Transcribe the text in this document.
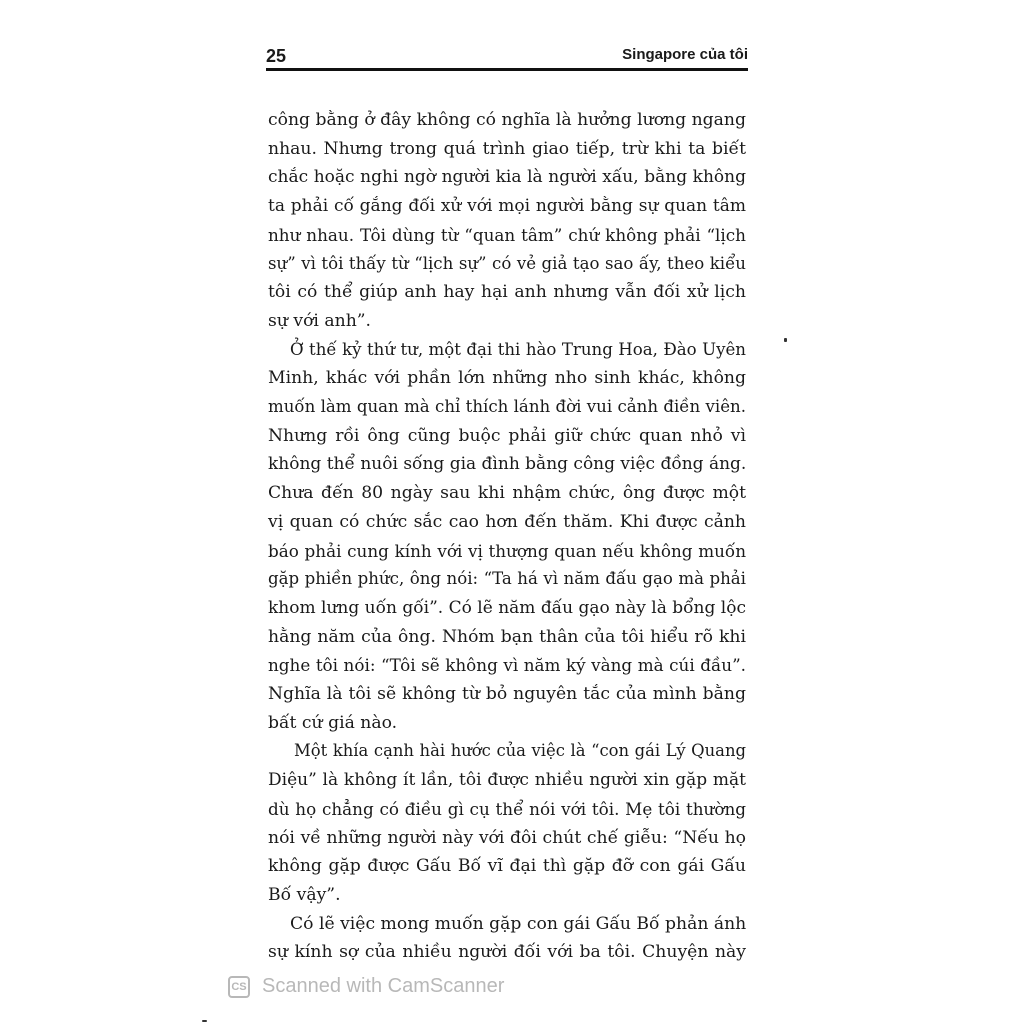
25	Singapore của tôi

công bằng ở đây không có nghĩa là hưởng lương ngang
nhau. Nhưng trong quá trình giao tiếp, trừ khi ta biết
chắc hoặc nghi ngờ người kia là người xấu, bằng không
ta phải cố gắng đối xử với mọi người bằng sự quan tâm
như nhau. Tôi dùng từ “quan tâm” chứ không phải “lịch
sự” vì tôi thấy từ “lịch sự” có vẻ giả tạo sao ấy, theo kiểu
tôi có thể giúp anh hay hại anh nhưng vẫn đối xử lịch
sự với anh”.

Ở thế kỷ thứ tư, một đại thi hào Trung Hoa, Đào Uyên
Minh, khác với phần lớn những nho sinh khác, không
muốn làm quan mà chỉ thích lánh đời vui cảnh điền viên.
Nhưng rồi ông cũng buộc phải giữ chức quan nhỏ vì
không thể nuôi sống gia đình bằng công việc đồng áng.
Chưa đến 80 ngày sau khi nhậm chức, ông được một
vị quan có chức sắc cao hơn đến thăm. Khi được cảnh
báo phải cung kính với vị thượng quan nếu không muốn
gặp phiền phức, ông nói: “Ta há vì năm đấu gạo mà phải
khom lưng uốn gối”. Có lẽ năm đấu gạo này là bổng lộc
hằng năm của ông. Nhóm bạn thân của tôi hiểu rõ khi
nghe tôi nói: “Tôi sẽ không vì năm ký vàng mà cúi đầu”.
Nghĩa là tôi sẽ không từ bỏ nguyên tắc của mình bằng
bất cứ giá nào.

Một khía cạnh hài hước của việc là “con gái Lý Quang
Diệu” là không ít lần, tôi được nhiều người xin gặp mặt
dù họ chẳng có điều gì cụ thể nói với tôi. Mẹ tôi thường
nói về những người này với đôi chút chế giễu: “Nếu họ
không gặp được Gấu Bố vĩ đại thì gặp đỡ con gái Gấu
Bố vậy”.

Có lẽ việc mong muốn gặp con gái Gấu Bố phản ánh
sự kính sợ của nhiều người đối với ba tôi. Chuyện này

CS Scanned with CamScanner
